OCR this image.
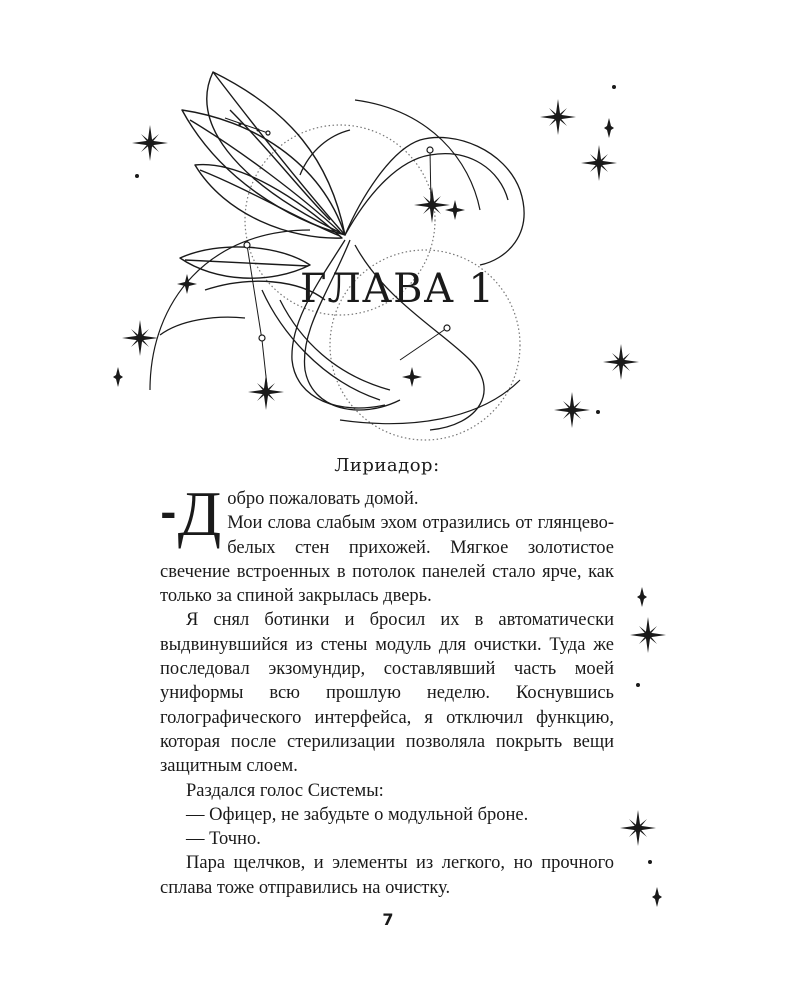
ГЛАВА 1
Лириадор:

- Д обро пожаловать домой.
Мои слова слабым эхом отразились от глянцево-белых стен прихожей. Мягкое золотистое свечение встроенных в потолок панелей стало ярче, как только за спиной закрылась дверь.

Я снял ботинки и бросил их в автоматически выдвинувшийся из стены модуль для очистки. Туда же последовал экзомундир, составлявший часть моей униформы всю прошлую неделю. Коснувшись голографического интерфейса, я отключил функцию, которая после стерилизации позволяла покрыть вещи защитным слоем.

Раздался голос Системы:

— Офицер, не забудьте о модульной броне.

— Точно.

Пара щелчков, и элементы из легкого, но прочного сплава тоже отправились на очистку.

7
